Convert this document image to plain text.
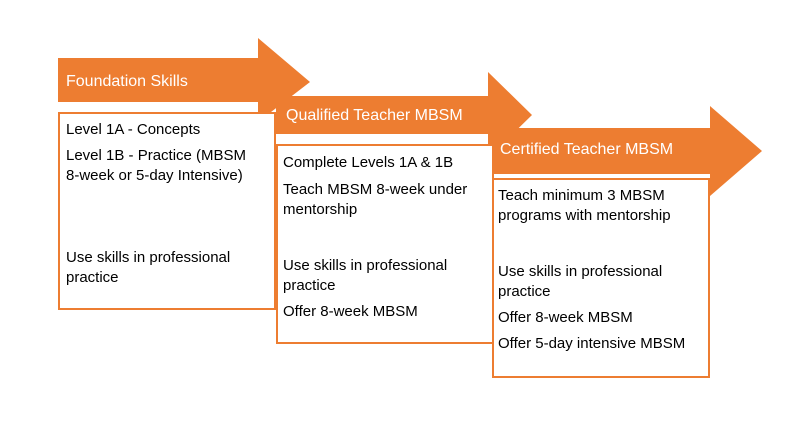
Foundation Skills
Level 1A - Concepts
Level 1B - Practice (MBSM
8-week or 5-day Intensive)
Use skills in professional
practice
Qualified Teacher MBSM
Complete Levels 1A & 1B
Teach MBSM 8-week under
mentorship
Use skills in professional
practice
Offer 8-week MBSM
Certified Teacher MBSM
Teach minimum 3 MBSM
programs with mentorship
Use skills in professional
practice
Offer 8-week MBSM
Offer 5-day intensive MBSM
